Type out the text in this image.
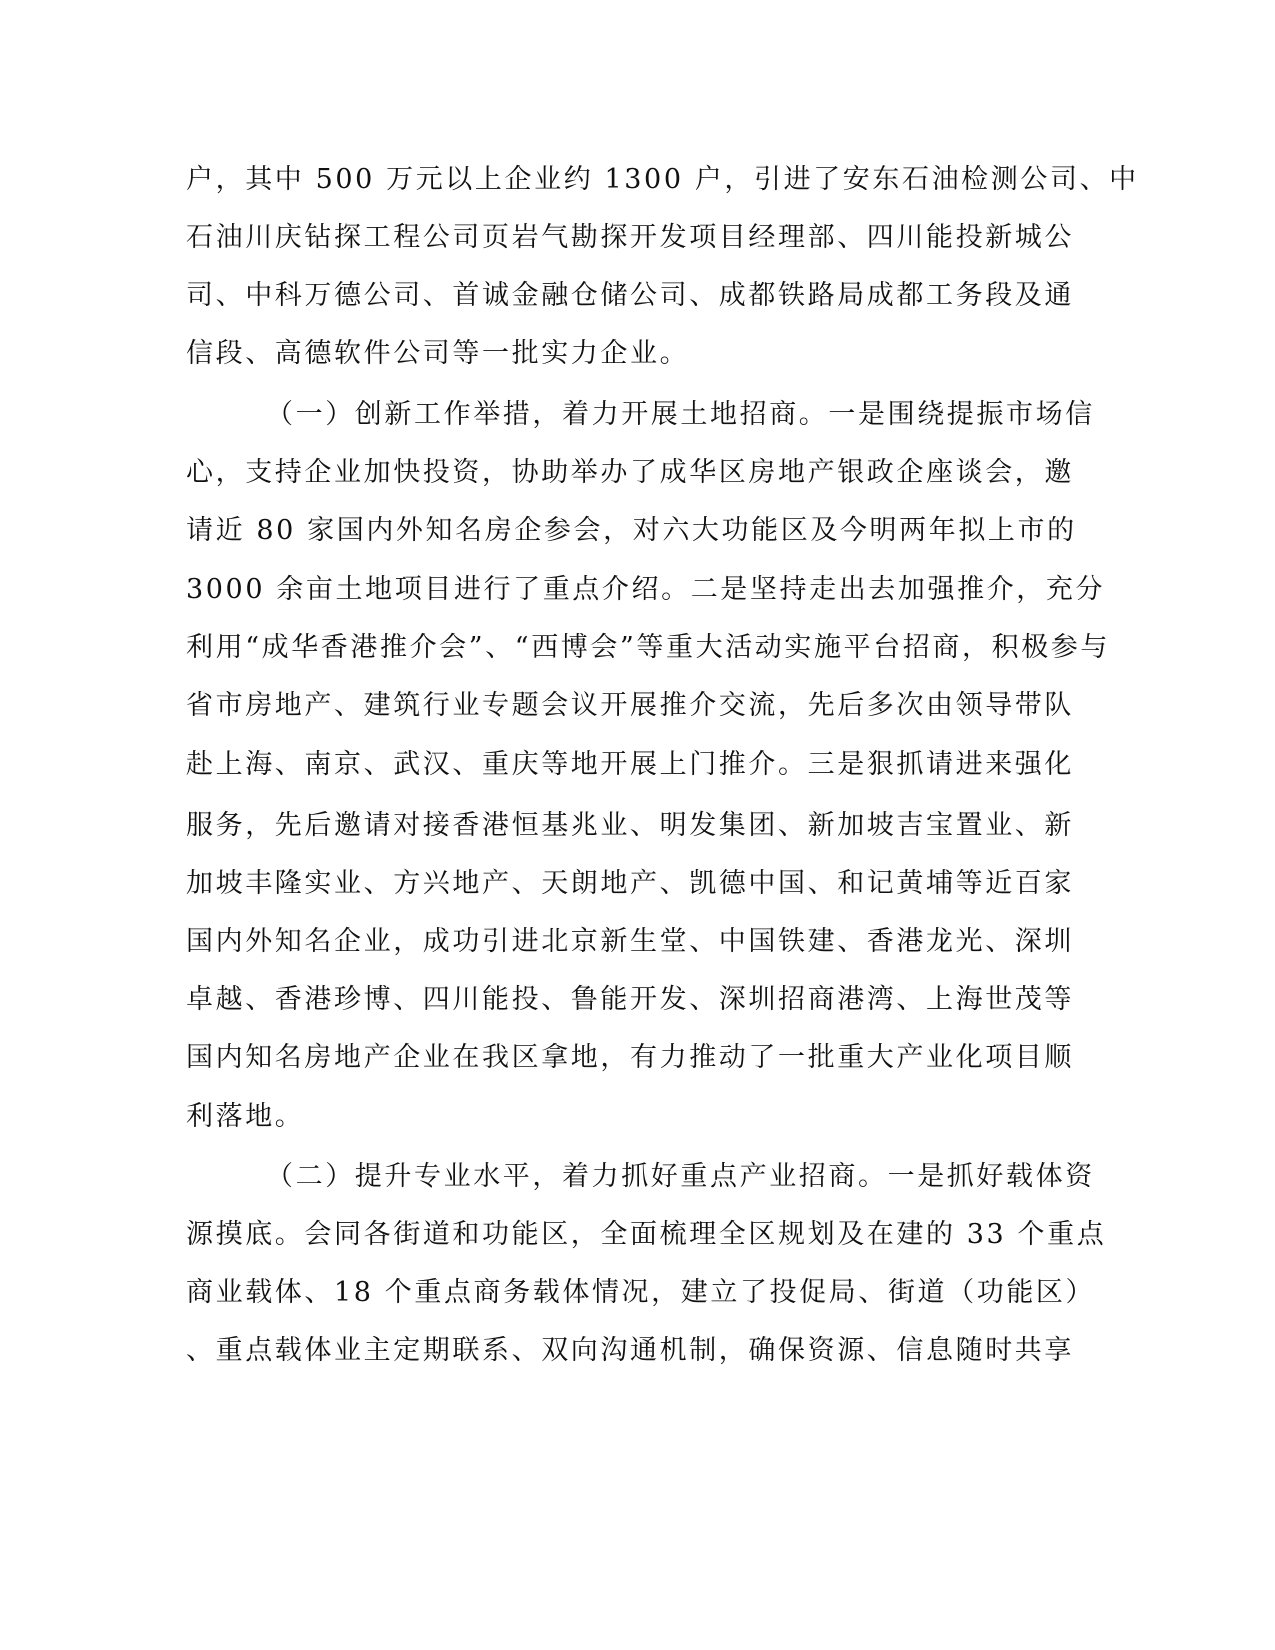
户，其中 500 万元以上企业约 1300 户，引进了安东石油检测公司、中
石油川庆钻探工程公司页岩气勘探开发项目经理部、四川能投新城公
司、中科万德公司、首诚金融仓储公司、成都铁路局成都工务段及通
信段、高德软件公司等一批实力企业。
（一）创新工作举措，着力开展土地招商。一是围绕提振市场信
心，支持企业加快投资，协助举办了成华区房地产银政企座谈会，邀
请近 80 家国内外知名房企参会，对六大功能区及今明两年拟上市的
3000 余亩土地项目进行了重点介绍。二是坚持走出去加强推介，充分
利用“成华香港推介会”、“西博会”等重大活动实施平台招商，积极参与
省市房地产、建筑行业专题会议开展推介交流，先后多次由领导带队
赴上海、南京、武汉、重庆等地开展上门推介。三是狠抓请进来强化
服务，先后邀请对接香港恒基兆业、明发集团、新加坡吉宝置业、新
加坡丰隆实业、方兴地产、天朗地产、凯德中国、和记黄埔等近百家
国内外知名企业，成功引进北京新生堂、中国铁建、香港龙光、深圳
卓越、香港珍博、四川能投、鲁能开发、深圳招商港湾、上海世茂等
国内知名房地产企业在我区拿地，有力推动了一批重大产业化项目顺
利落地。
（二）提升专业水平，着力抓好重点产业招商。一是抓好载体资
源摸底。会同各街道和功能区，全面梳理全区规划及在建的 33 个重点
商业载体、18 个重点商务载体情况，建立了投促局、街道（功能区）
、重点载体业主定期联系、双向沟通机制，确保资源、信息随时共享
